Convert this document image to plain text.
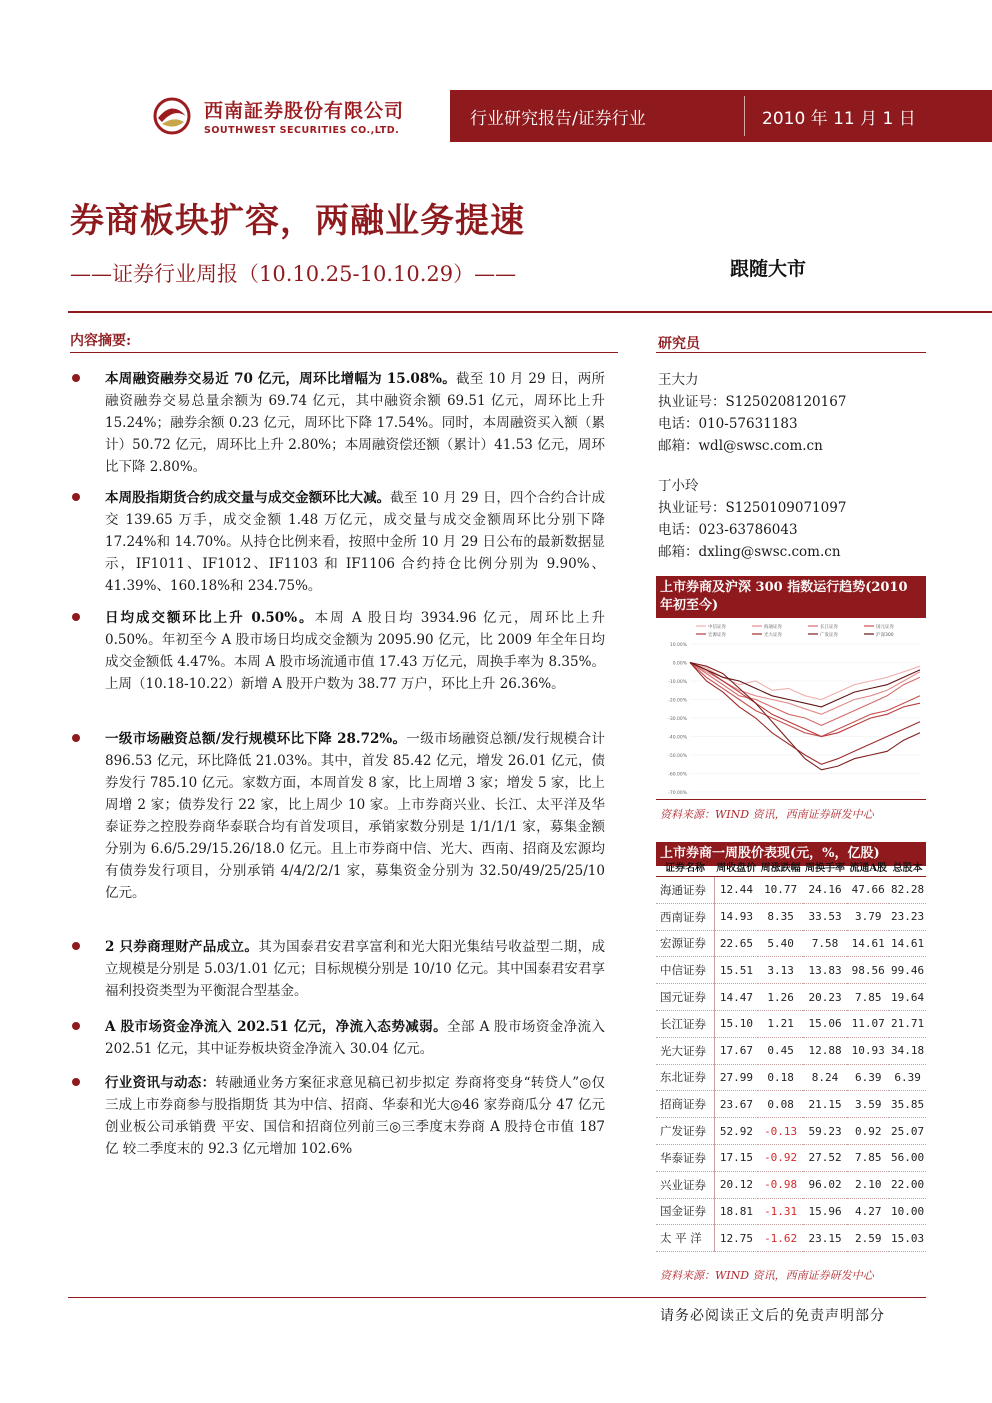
西南証券股份有限公司
SOUTHWEST SECURITIES CO.,LTD.
行业研究报告/证券行业	2010 年 11 月 1 日
券商板块扩容，两融业务提速
——证券行业周报（10.10.25-10.10.29）——	跟随大市
内容摘要:
本周融资融券交易近 70 亿元，周环比增幅为 15.08%。截至 10 月 29 日，两所融资融券交易总量余额为 69.74 亿元，其中融资余额 69.51 亿元，周环比上升 15.24%；融券余额 0.23 亿元，周环比下降 17.54%。同时，本周融资买入额（累计）50.72 亿元，周环比上升 2.80%；本周融资偿还额（累计）41.53 亿元，周环比下降 2.80%。
本周股指期货合约成交量与成交金额环比大减。截至 10 月 29 日，四个合约合计成交 139.65 万手，成交金额 1.48 万亿元，成交量与成交金额周环比分别下降 17.24%和 14.70%。从持仓比例来看，按照中金所 10 月 29 日公布的最新数据显示，IF1011、IF1012、IF1103 和 IF1106 合约持仓比例分别为 9.90%、41.39%、160.18%和 234.75%。
日均成交额环比上升 0.50%。本周 A 股日均 3934.96 亿元，周环比上升 0.50%。年初至今 A 股市场日均成交金额为 2095.90 亿元，比 2009 年全年日均成交金额低 4.47%。本周 A 股市场流通市值 17.43 万亿元，周换手率为 8.35%。上周（10.18-10.22）新增 A 股开户数为 38.77 万户，环比上升 26.36%。
一级市场融资总额/发行规模环比下降 28.72%。一级市场融资总额/发行规模合计 896.53 亿元，环比降低 21.03%。其中，首发 85.42 亿元，增发 26.01 亿元，债券发行 785.10 亿元。家数方面，本周首发 8 家，比上周增 3 家；增发 5 家，比上周增 2 家；债券发行 22 家，比上周少 10 家。上市券商兴业、长江、太平洋及华泰证券之控股券商华泰联合均有首发项目，承销家数分别是 1/1/1/1 家，募集金额分别为 6.6/5.29/15.26/18.0 亿元。且上市券商中信、光大、西南、招商及宏源均有债券发行项目，分别承销 4/4/2/2/1 家，募集资金分别为 32.50/49/25/25/10 亿元。
2 只券商理财产品成立。其为国泰君安君享富利和光大阳光集结号收益型二期，成立规模是分别是 5.03/1.01 亿元；目标规模分别是 10/10 亿元。其中国泰君安君享福利投资类型为平衡混合型基金。
A 股市场资金净流入 202.51 亿元，净流入态势减弱。全部 A 股市场资金净流入 202.51 亿元，其中证券板块资金净流入 30.04 亿元。
行业资讯与动态：转融通业务方案征求意见稿已初步拟定 券商将变身“转贷人”◎仅三成上市券商参与股指期货 其为中信、招商、华泰和光大◎46 家券商瓜分 47 亿元创业板公司承销费 平安、国信和招商位列前三◎三季度末券商 A 股持仓市值 187 亿 较二季度末的 92.3 亿元增加 102.6%
研究员
王大力
执业证号：S1250208120167
电话：010-57631183
邮箱：wdl@swsc.com.cn
丁小玲
执业证号：S1250109071097
电话：023-63786043
邮箱：dxling@swsc.com.cn
上市券商及沪深 300 指数运行趋势(2010 年初至今)
10.00%
0.00%
-10.00%
-20.00%
-30.00%
-40.00%
-50.00%
-60.00%
-70.00%
中信证券	海通证券	长江证券	国元证券
宏源证券	光大证券	广发证券	沪深300
资料来源：WIND 资讯，西南证券研发中心
上市券商一周股价表现(元，%，亿股)
证券名称	周收盘价	周涨跌幅	周换手率	流通A股	总股本
海通证券	12.44	10.77	24.16	47.66	82.28
西南证券	14.93	8.35	33.53	3.79	23.23
宏源证券	22.65	5.40	7.58	14.61	14.61
中信证券	15.51	3.13	13.83	98.56	99.46
国元证券	14.47	1.26	20.23	7.85	19.64
长江证券	15.10	1.21	15.06	11.07	21.71
光大证券	17.67	0.45	12.88	10.93	34.18
东北证券	27.99	0.18	8.24	6.39	6.39
招商证券	23.67	0.08	21.15	3.59	35.85
广发证券	52.92	-0.13	59.23	0.92	25.07
华泰证券	17.15	-0.92	27.52	7.85	56.00
兴业证券	20.12	-0.98	96.02	2.10	22.00
国金证券	18.81	-1.31	15.96	4.27	10.00
太 平 洋	12.75	-1.62	23.15	2.59	15.03
资料来源：WIND 资讯，西南证券研发中心
请务必阅读正文后的免责声明部分
